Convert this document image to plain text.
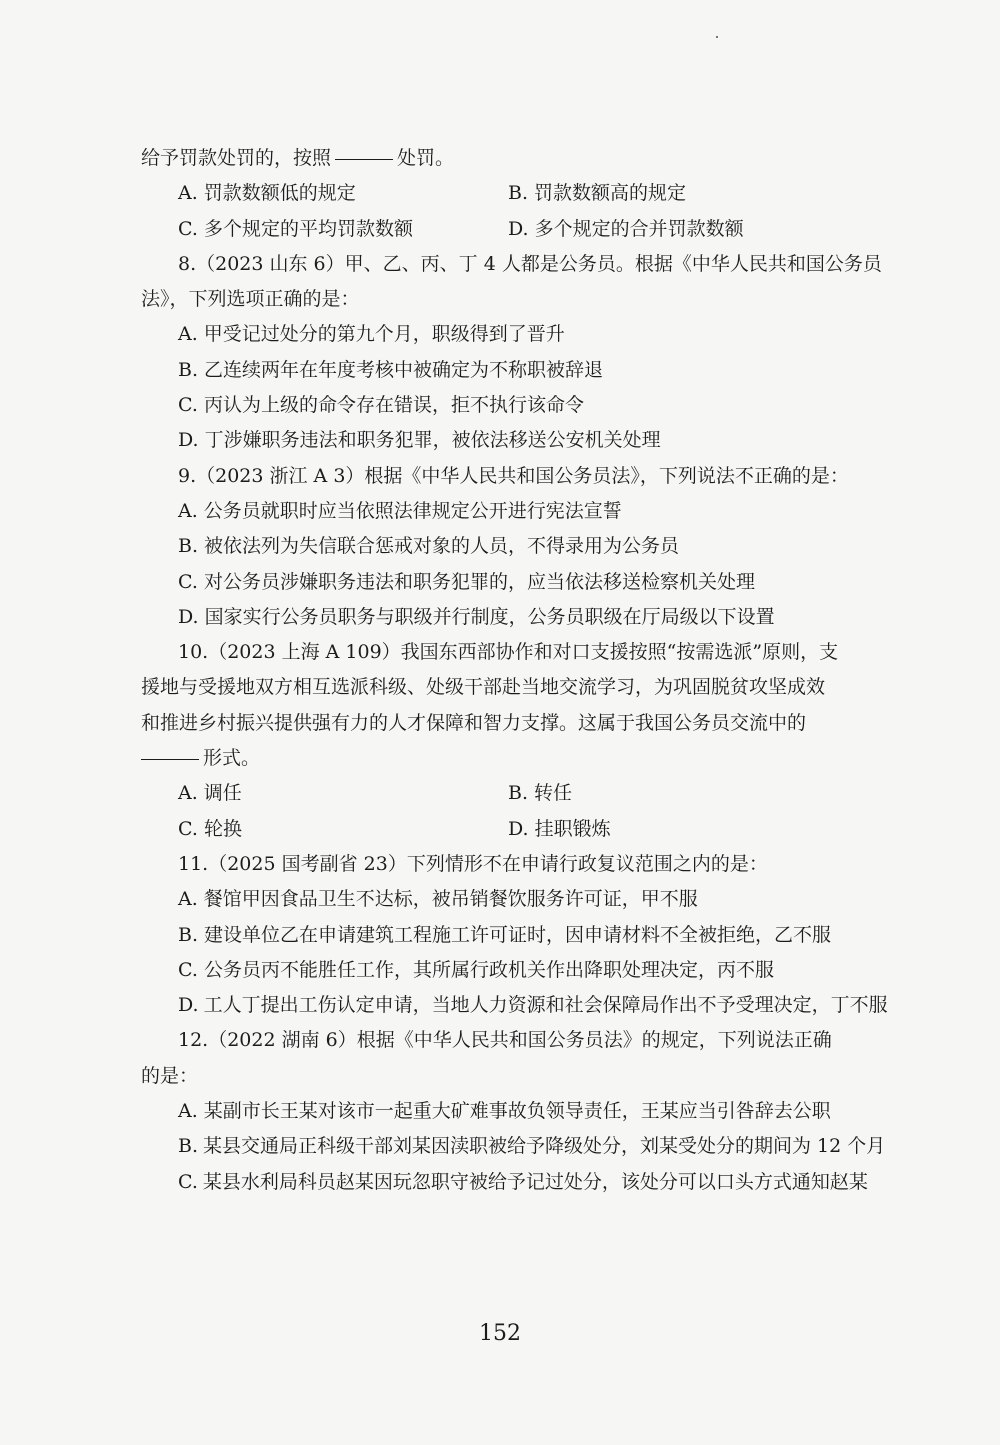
给予罚款处罚的，按照	处罚。
A. 罚款数额低的规定	B. 罚款数额高的规定
C. 多个规定的平均罚款数额	D. 多个规定的合并罚款数额
8.（2023 山东 6）甲、乙、丙、丁 4 人都是公务员。根据《中华人民共和国公务员法》，下列选项正确的是：
A. 甲受记过处分的第九个月，职级得到了晋升
B. 乙连续两年在年度考核中被确定为不称职被辞退
C. 丙认为上级的命令存在错误，拒不执行该命令
D. 丁涉嫌职务违法和职务犯罪，被依法移送公安机关处理
9.（2023 浙江 A 3）根据《中华人民共和国公务员法》，下列说法不正确的是：
A. 公务员就职时应当依照法律规定公开进行宪法宣誓
B. 被依法列为失信联合惩戒对象的人员，不得录用为公务员
C. 对公务员涉嫌职务违法和职务犯罪的，应当依法移送检察机关处理
D. 国家实行公务员职务与职级并行制度，公务员职级在厅局级以下设置
10.（2023 上海 A 109）我国东西部协作和对口支援按照“按需选派”原则，支
援地与受援地双方相互选派科级、处级干部赴当地交流学习，为巩固脱贫攻坚成效
和推进乡村振兴提供强有力的人才保障和智力支撑。这属于我国公务员交流中的
形式。
A. 调任	B. 转任
C. 轮换	D. 挂职锻炼
11.（2025 国考副省 23）下列情形不在申请行政复议范围之内的是：
A. 餐馆甲因食品卫生不达标，被吊销餐饮服务许可证，甲不服
B. 建设单位乙在申请建筑工程施工许可证时，因申请材料不全被拒绝，乙不服
C. 公务员丙不能胜任工作，其所属行政机关作出降职处理决定，丙不服
D. 工人丁提出工伤认定申请，当地人力资源和社会保障局作出不予受理决定，丁不服
12.（2022 湖南 6）根据《中华人民共和国公务员法》的规定，下列说法正确
的是：
A. 某副市长王某对该市一起重大矿难事故负领导责任，王某应当引咎辞去公职
B. 某县交通局正科级干部刘某因渎职被给予降级处分，刘某受处分的期间为 12 个月
C. 某县水利局科员赵某因玩忽职守被给予记过处分，该处分可以口头方式通知赵某
152
